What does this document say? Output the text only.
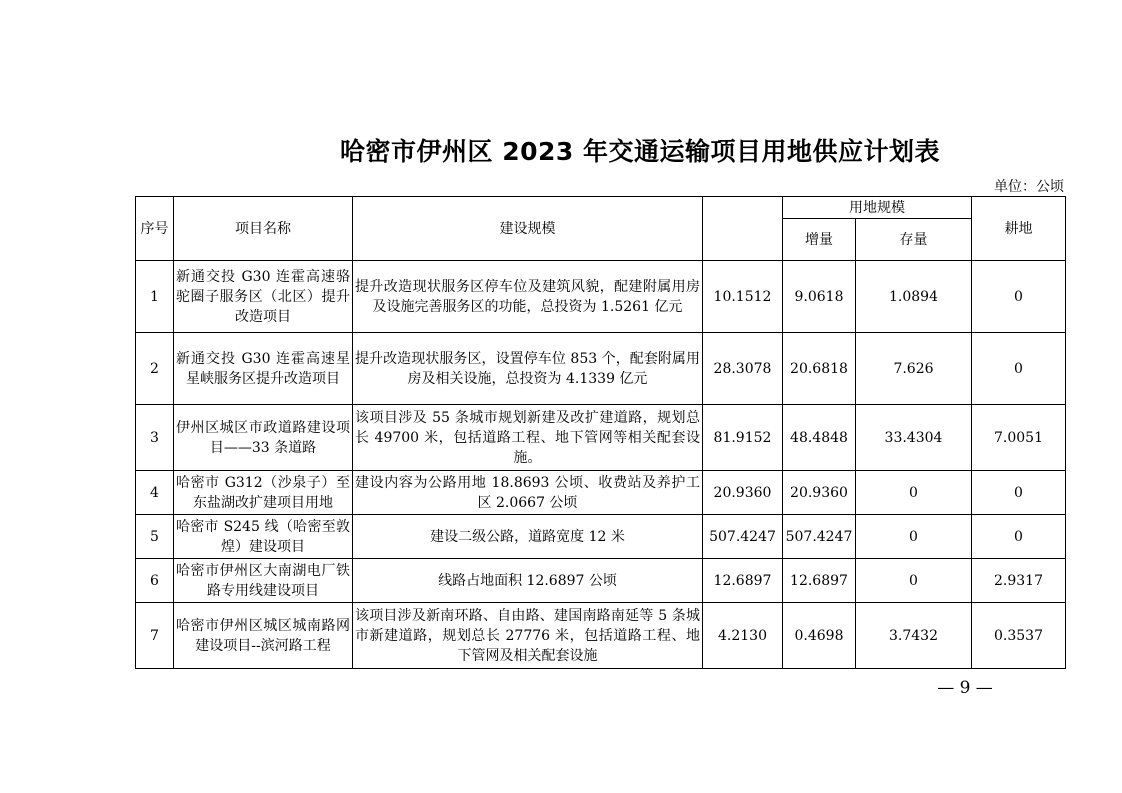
哈密市伊州区 2023 年交通运输项目用地供应计划表
单位：公顷
序号	项目名称	建设规模		用地规模		耕地
				增量	存量	
1	新通交投 G30 连霍高速骆驼圈子服务区（北区）提升改造项目	提升改造现状服务区停车位及建筑风貌，配建附属用房及设施完善服务区的功能，总投资为 1.5261 亿元	10.1512	9.0618	1.0894	0
2	新通交投 G30 连霍高速星星峡服务区提升改造项目	提升改造现状服务区，设置停车位 853 个，配套附属用房及相关设施，总投资为 4.1339 亿元	28.3078	20.6818	7.626	0
3	伊州区城区市政道路建设项目——33 条道路	该项目涉及 55 条城市规划新建及改扩建道路，规划总长 49700 米，包括道路工程、地下管网等相关配套设施。	81.9152	48.4848	33.4304	7.0051
4	哈密市 G312（沙泉子）至东盐湖改扩建项目用地	建设内容为公路用地 18.8693 公顷、收费站及养护工区 2.0667 公顷	20.9360	20.9360	0	0
5	哈密市 S245 线（哈密至敦煌）建设项目	建设二级公路，道路宽度 12 米	507.4247	507.4247	0	0
6	哈密市伊州区大南湖电厂铁路专用线建设项目	线路占地面积 12.6897 公顷	12.6897	12.6897	0	2.9317
7	哈密市伊州区城区城南路网建设项目--滨河路工程	该项目涉及新南环路、自由路、建国南路南延等 5 条城市新建道路，规划总长 27776 米，包括道路工程、地下管网及相关配套设施	4.2130	0.4698	3.7432	0.3537
— 9 —
